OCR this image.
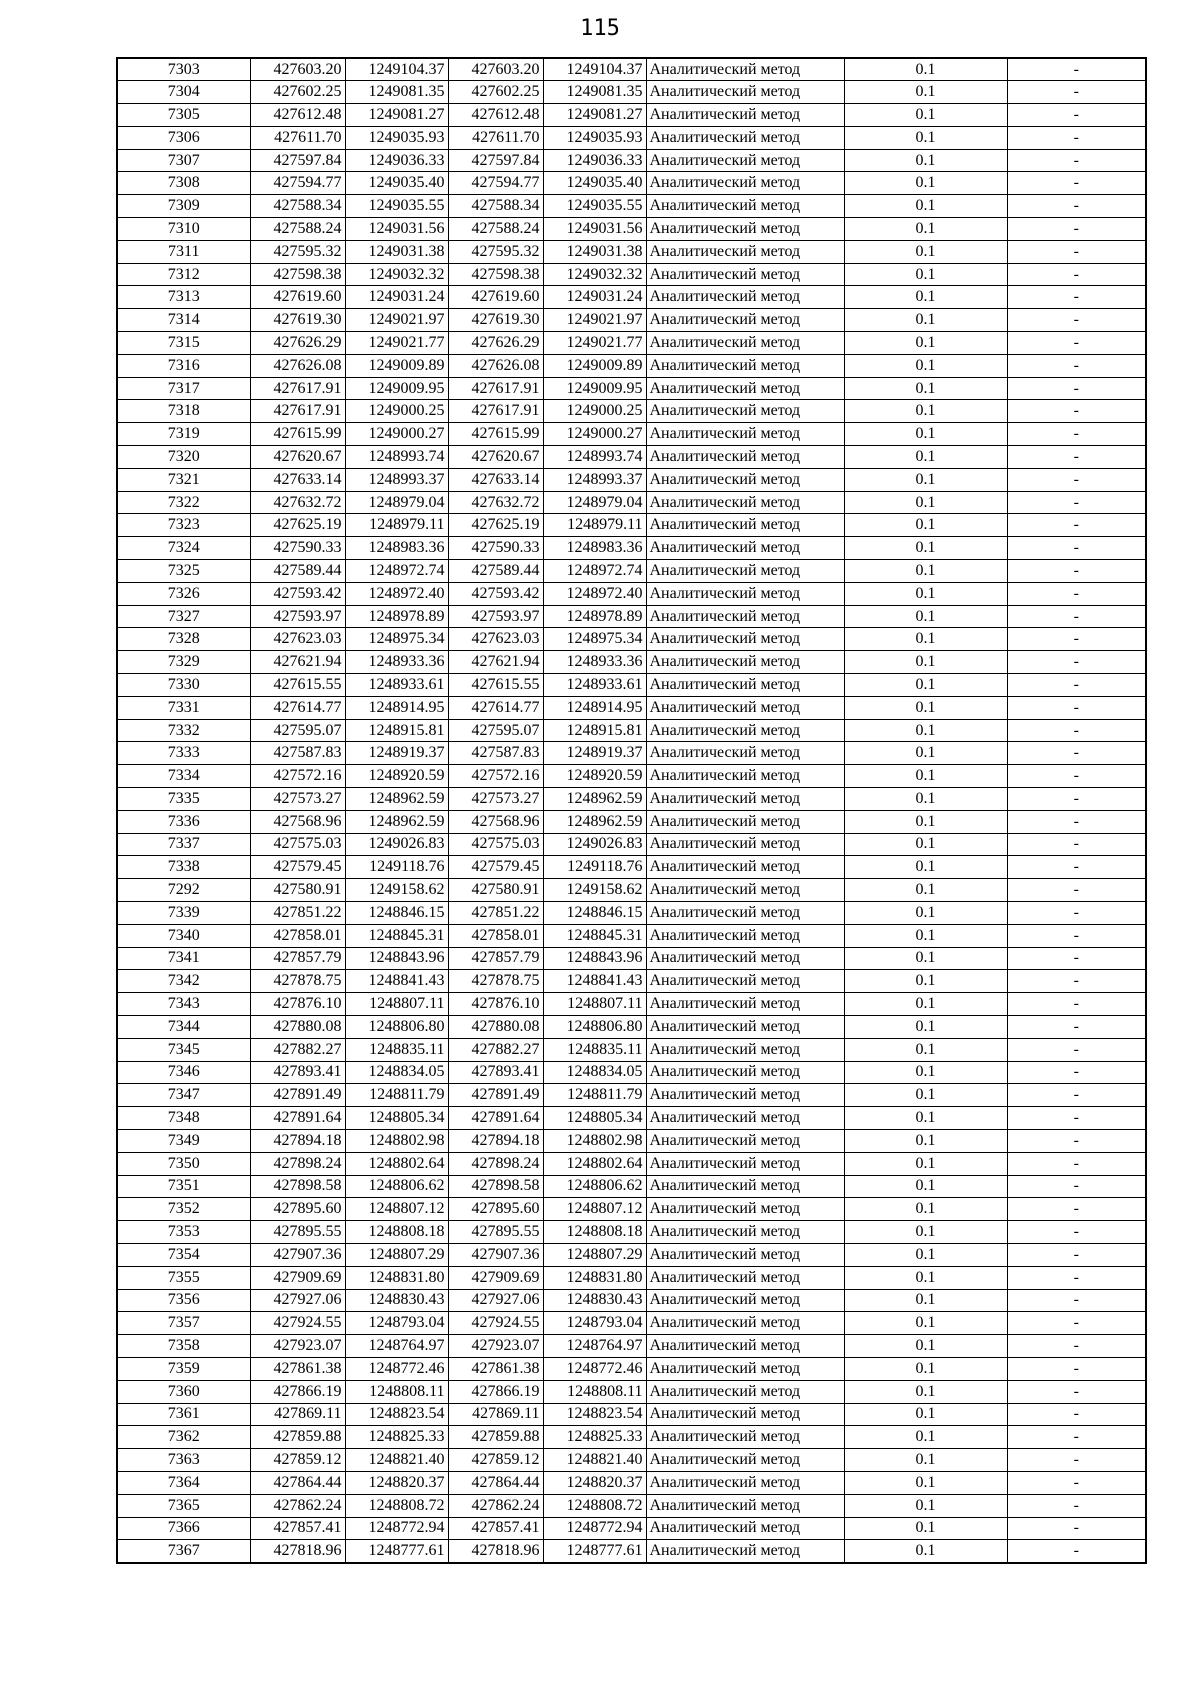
115
7303	427603.20	1249104.37	427603.20	1249104.37	Аналитический метод	0.1	-
7304	427602.25	1249081.35	427602.25	1249081.35	Аналитический метод	0.1	-
7305	427612.48	1249081.27	427612.48	1249081.27	Аналитический метод	0.1	-
7306	427611.70	1249035.93	427611.70	1249035.93	Аналитический метод	0.1	-
7307	427597.84	1249036.33	427597.84	1249036.33	Аналитический метод	0.1	-
7308	427594.77	1249035.40	427594.77	1249035.40	Аналитический метод	0.1	-
7309	427588.34	1249035.55	427588.34	1249035.55	Аналитический метод	0.1	-
7310	427588.24	1249031.56	427588.24	1249031.56	Аналитический метод	0.1	-
7311	427595.32	1249031.38	427595.32	1249031.38	Аналитический метод	0.1	-
7312	427598.38	1249032.32	427598.38	1249032.32	Аналитический метод	0.1	-
7313	427619.60	1249031.24	427619.60	1249031.24	Аналитический метод	0.1	-
7314	427619.30	1249021.97	427619.30	1249021.97	Аналитический метод	0.1	-
7315	427626.29	1249021.77	427626.29	1249021.77	Аналитический метод	0.1	-
7316	427626.08	1249009.89	427626.08	1249009.89	Аналитический метод	0.1	-
7317	427617.91	1249009.95	427617.91	1249009.95	Аналитический метод	0.1	-
7318	427617.91	1249000.25	427617.91	1249000.25	Аналитический метод	0.1	-
7319	427615.99	1249000.27	427615.99	1249000.27	Аналитический метод	0.1	-
7320	427620.67	1248993.74	427620.67	1248993.74	Аналитический метод	0.1	-
7321	427633.14	1248993.37	427633.14	1248993.37	Аналитический метод	0.1	-
7322	427632.72	1248979.04	427632.72	1248979.04	Аналитический метод	0.1	-
7323	427625.19	1248979.11	427625.19	1248979.11	Аналитический метод	0.1	-
7324	427590.33	1248983.36	427590.33	1248983.36	Аналитический метод	0.1	-
7325	427589.44	1248972.74	427589.44	1248972.74	Аналитический метод	0.1	-
7326	427593.42	1248972.40	427593.42	1248972.40	Аналитический метод	0.1	-
7327	427593.97	1248978.89	427593.97	1248978.89	Аналитический метод	0.1	-
7328	427623.03	1248975.34	427623.03	1248975.34	Аналитический метод	0.1	-
7329	427621.94	1248933.36	427621.94	1248933.36	Аналитический метод	0.1	-
7330	427615.55	1248933.61	427615.55	1248933.61	Аналитический метод	0.1	-
7331	427614.77	1248914.95	427614.77	1248914.95	Аналитический метод	0.1	-
7332	427595.07	1248915.81	427595.07	1248915.81	Аналитический метод	0.1	-
7333	427587.83	1248919.37	427587.83	1248919.37	Аналитический метод	0.1	-
7334	427572.16	1248920.59	427572.16	1248920.59	Аналитический метод	0.1	-
7335	427573.27	1248962.59	427573.27	1248962.59	Аналитический метод	0.1	-
7336	427568.96	1248962.59	427568.96	1248962.59	Аналитический метод	0.1	-
7337	427575.03	1249026.83	427575.03	1249026.83	Аналитический метод	0.1	-
7338	427579.45	1249118.76	427579.45	1249118.76	Аналитический метод	0.1	-
7292	427580.91	1249158.62	427580.91	1249158.62	Аналитический метод	0.1	-
7339	427851.22	1248846.15	427851.22	1248846.15	Аналитический метод	0.1	-
7340	427858.01	1248845.31	427858.01	1248845.31	Аналитический метод	0.1	-
7341	427857.79	1248843.96	427857.79	1248843.96	Аналитический метод	0.1	-
7342	427878.75	1248841.43	427878.75	1248841.43	Аналитический метод	0.1	-
7343	427876.10	1248807.11	427876.10	1248807.11	Аналитический метод	0.1	-
7344	427880.08	1248806.80	427880.08	1248806.80	Аналитический метод	0.1	-
7345	427882.27	1248835.11	427882.27	1248835.11	Аналитический метод	0.1	-
7346	427893.41	1248834.05	427893.41	1248834.05	Аналитический метод	0.1	-
7347	427891.49	1248811.79	427891.49	1248811.79	Аналитический метод	0.1	-
7348	427891.64	1248805.34	427891.64	1248805.34	Аналитический метод	0.1	-
7349	427894.18	1248802.98	427894.18	1248802.98	Аналитический метод	0.1	-
7350	427898.24	1248802.64	427898.24	1248802.64	Аналитический метод	0.1	-
7351	427898.58	1248806.62	427898.58	1248806.62	Аналитический метод	0.1	-
7352	427895.60	1248807.12	427895.60	1248807.12	Аналитический метод	0.1	-
7353	427895.55	1248808.18	427895.55	1248808.18	Аналитический метод	0.1	-
7354	427907.36	1248807.29	427907.36	1248807.29	Аналитический метод	0.1	-
7355	427909.69	1248831.80	427909.69	1248831.80	Аналитический метод	0.1	-
7356	427927.06	1248830.43	427927.06	1248830.43	Аналитический метод	0.1	-
7357	427924.55	1248793.04	427924.55	1248793.04	Аналитический метод	0.1	-
7358	427923.07	1248764.97	427923.07	1248764.97	Аналитический метод	0.1	-
7359	427861.38	1248772.46	427861.38	1248772.46	Аналитический метод	0.1	-
7360	427866.19	1248808.11	427866.19	1248808.11	Аналитический метод	0.1	-
7361	427869.11	1248823.54	427869.11	1248823.54	Аналитический метод	0.1	-
7362	427859.88	1248825.33	427859.88	1248825.33	Аналитический метод	0.1	-
7363	427859.12	1248821.40	427859.12	1248821.40	Аналитический метод	0.1	-
7364	427864.44	1248820.37	427864.44	1248820.37	Аналитический метод	0.1	-
7365	427862.24	1248808.72	427862.24	1248808.72	Аналитический метод	0.1	-
7366	427857.41	1248772.94	427857.41	1248772.94	Аналитический метод	0.1	-
7367	427818.96	1248777.61	427818.96	1248777.61	Аналитический метод	0.1	-
